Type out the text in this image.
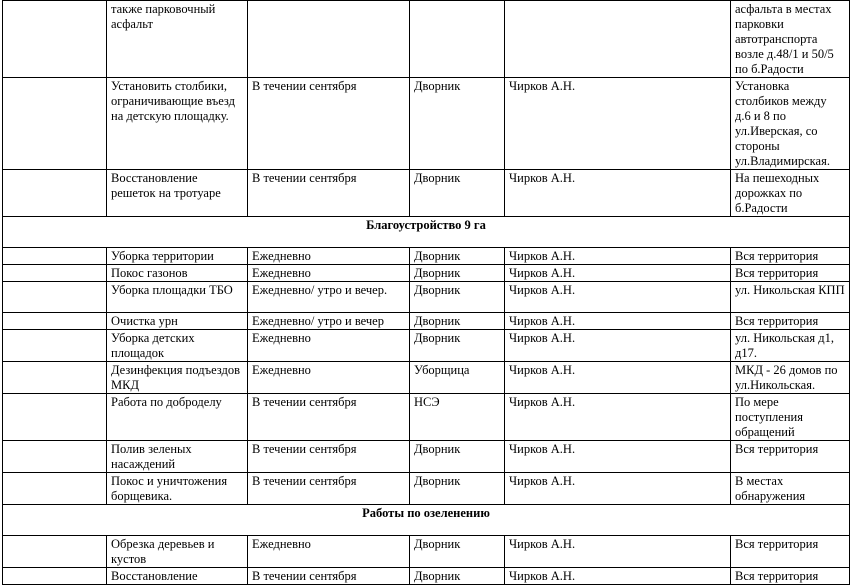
	также парковочный асфальт				асфальта в местах парковки автотранспорта возле д.48/1 и 50/5 по б.Радости
	Установить столбики, ограничивающие въезд на детскую площадку.	В течении сентября	Дворник	Чирков А.Н.	Установка столбиков между д.6 и 8 по ул.Иверская, со стороны ул.Владимирская.
	Восстановление решеток на тротуаре	В течении сентября	Дворник	Чирков А.Н.	На пешеходных дорожках по б.Радости
Благоустройство 9 га					
	Уборка территории	Ежедневно	Дворник	Чирков А.Н.	Вся территория
	Покос газонов	Ежедневно	Дворник	Чирков А.Н.	Вся территория
	Уборка площадки ТБО	Ежедневно/ утро и вечер.	Дворник	Чирков А.Н.	ул. Никольская КПП
	Очистка урн	Ежедневно/ утро и вечер	Дворник	Чирков А.Н.	Вся территория
	Уборка детских площадок	Ежедневно	Дворник	Чирков А.Н.	ул. Никольская д1, д17.
	Дезинфекция подъездов МКД	Ежедневно	Уборщица	Чирков А.Н.	МКД - 26 домов по ул.Никольская.
	Работа по доброделу	В течении сентября	НСЭ	Чирков А.Н.	По мере поступления обращений
	Полив зеленых насаждений	В течении сентября	Дворник	Чирков А.Н.	Вся территория
	Покос и уничтожения борщевика.	В течении сентября	Дворник	Чирков А.Н.	В местах обнаружения
Работы по озеленению					
	Обрезка деревьев и кустов	Ежедневно	Дворник	Чирков А.Н.	Вся территория
	Восстановление	В течении сентября	Дворник	Чирков А.Н.	Вся территория
